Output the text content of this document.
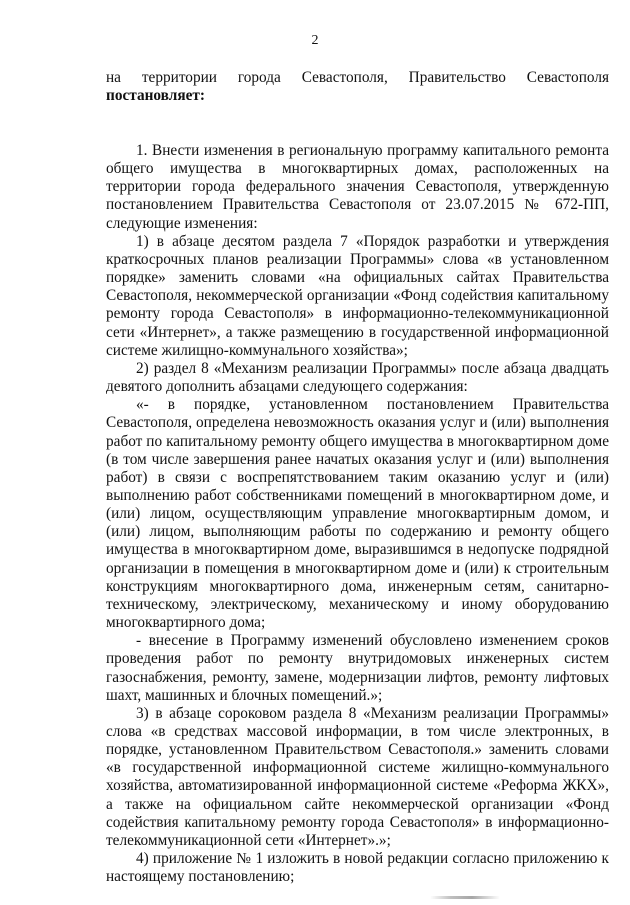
2

на территории города Севастополя, Правительство Севастополя

постановляет:

1. Внести изменения в региональную программу капитального ремонта общего имущества в многоквартирных домах, расположенных на территории города федерального значения Севастополя, утвержденную постановлением Правительства Севастополя от 23.07.2015 № 672-ПП, следующие изменения:

1) в абзаце десятом раздела 7 «Порядок разработки и утверждения краткосрочных планов реализации Программы» слова «в установленном порядке» заменить словами «на официальных сайтах Правительства Севастополя, некоммерческой организации «Фонд содействия капитальному ремонту города Севастополя» в информационно-телекоммуникационной сети «Интернет», а также размещению в государственной информационной системе жилищно-коммунального хозяйства»;

2) раздел 8 «Механизм реализации Программы» после абзаца двадцать девятого дополнить абзацами следующего содержания:

«- в порядке, установленном постановлением Правительства Севастополя, определена невозможность оказания услуг и (или) выполнения работ по капитальному ремонту общего имущества в многоквартирном доме (в том числе завершения ранее начатых оказания услуг и (или) выполнения работ) в связи с воспрепятствованием таким оказанию услуг и (или) выполнению работ собственниками помещений в многоквартирном доме, и (или) лицом, осуществляющим управление многоквартирным домом, и (или) лицом, выполняющим работы по содержанию и ремонту общего имущества в многоквартирном доме, выразившимся в недопуске подрядной организации в помещения в многоквартирном доме и (или) к строительным конструкциям многоквартирного дома, инженерным сетям, санитарно-техническому, электрическому, механическому и иному оборудованию многоквартирного дома;

- внесение в Программу изменений обусловлено изменением сроков проведения работ по ремонту внутридомовых инженерных систем газоснабжения, ремонту, замене, модернизации лифтов, ремонту лифтовых шахт, машинных и блочных помещений.»;

3) в абзаце сороковом раздела 8 «Механизм реализации Программы» слова «в средствах массовой информации, в том числе электронных, в порядке, установленном Правительством Севастополя.» заменить словами «в государственной информационной системе жилищно-коммунального хозяйства, автоматизированной информационной системе «Реформа ЖКХ», а также на официальном сайте некоммерческой организации «Фонд содействия капитальному ремонту города Севастополя» в информационно-телекоммуникационной сети «Интернет».»;

4) приложение № 1 изложить в новой редакции согласно приложению к настоящему постановлению;
